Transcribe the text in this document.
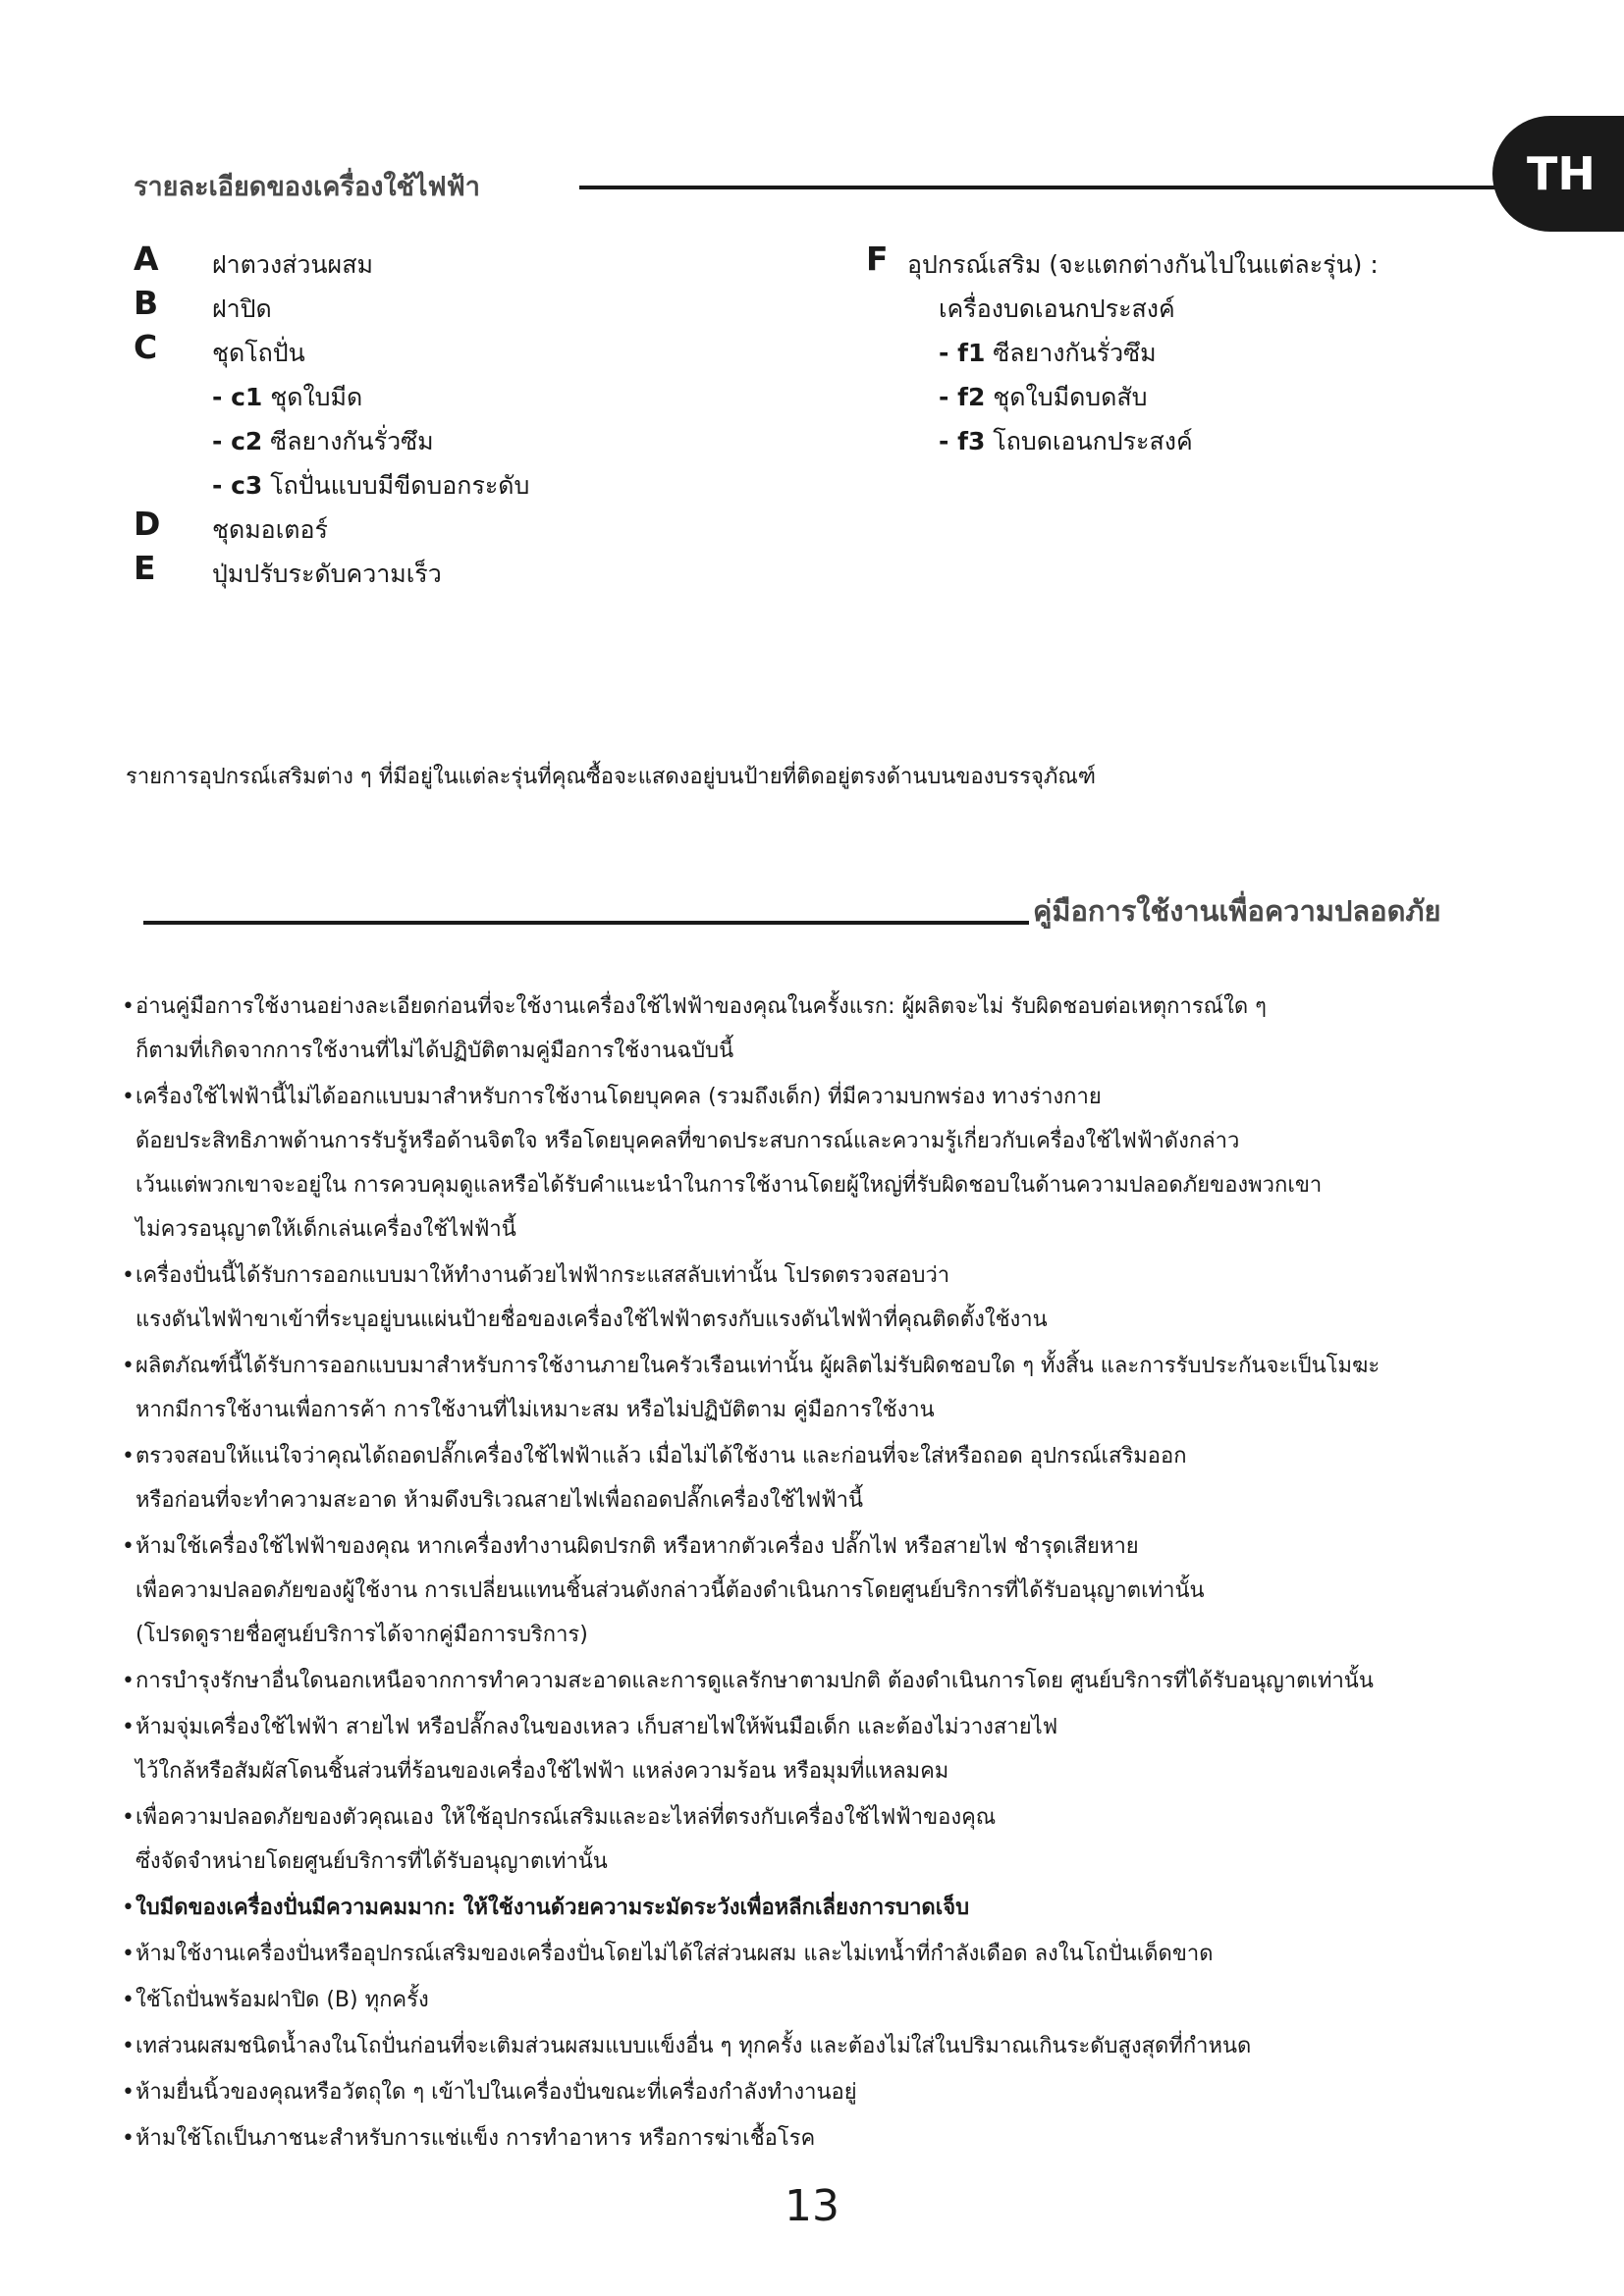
รายละเอียดของเครื่องใช้ไฟฟ้า	TH
A ฝาตวงส่วนผสม
B ฝาปิด
C ชุดโถปั่น
- c1 ชุดใบมีด
- c2 ซีลยางกันรั่วซึม
- c3 โถปั่นแบบมีขีดบอกระดับ
D ชุดมอเตอร์
E ปุ่มปรับระดับความเร็ว
F อุปกรณ์เสริม (จะแตกต่างกันไปในแต่ละรุ่น) :
เครื่องบดเอนกประสงค์
- f1 ซีลยางกันรั่วซึม
- f2 ชุดใบมีดบดสับ
- f3 โถบดเอนกประสงค์
รายการอุปกรณ์เสริมต่าง ๆ ที่มีอยู่ในแต่ละรุ่นที่คุณซื้อจะแสดงอยู่บนป้ายที่ติดอยู่ตรงด้านบนของบรรจุภัณฑ์
คู่มือการใช้งานเพื่อความปลอดภัย
• อ่านคู่มือการใช้งานอย่างละเอียดก่อนที่จะใช้งานเครื่องใช้ไฟฟ้าของคุณในครั้งแรก: ผู้ผลิตจะไม่ รับผิดชอบต่อเหตุการณ์ใด ๆ
ก็ตามที่เกิดจากการใช้งานที่ไม่ได้ปฏิบัติตามคู่มือการใช้งานฉบับนี้
• เครื่องใช้ไฟฟ้านี้ไม่ได้ออกแบบมาสำหรับการใช้งานโดยบุคคล (รวมถึงเด็ก) ที่มีความบกพร่อง ทางร่างกาย
ด้อยประสิทธิภาพด้านการรับรู้หรือด้านจิตใจ หรือโดยบุคคลที่ขาดประสบการณ์และความรู้เกี่ยวกับเครื่องใช้ไฟฟ้าดังกล่าว
เว้นแต่พวกเขาจะอยู่ใน การควบคุมดูแลหรือได้รับคำแนะนำในการใช้งานโดยผู้ใหญ่ที่รับผิดชอบในด้านความปลอดภัยของพวกเขา
ไม่ควรอนุญาตให้เด็กเล่นเครื่องใช้ไฟฟ้านี้
• เครื่องปั่นนี้ได้รับการออกแบบมาให้ทำงานด้วยไฟฟ้ากระแสสลับเท่านั้น โปรดตรวจสอบว่า
แรงดันไฟฟ้าขาเข้าที่ระบุอยู่บนแผ่นป้ายชื่อของเครื่องใช้ไฟฟ้าตรงกับแรงดันไฟฟ้าที่คุณติดตั้งใช้งาน
• ผลิตภัณฑ์นี้ได้รับการออกแบบมาสำหรับการใช้งานภายในครัวเรือนเท่านั้น ผู้ผลิตไม่รับผิดชอบใด ๆ ทั้งสิ้น และการรับประกันจะเป็นโมฆะ
หากมีการใช้งานเพื่อการค้า การใช้งานที่ไม่เหมาะสม หรือไม่ปฏิบัติตาม คู่มือการใช้งาน
• ตรวจสอบให้แน่ใจว่าคุณได้ถอดปลั๊กเครื่องใช้ไฟฟ้าแล้ว เมื่อไม่ได้ใช้งาน และก่อนที่จะใส่หรือถอด อุปกรณ์เสริมออก
หรือก่อนที่จะทำความสะอาด ห้ามดึงบริเวณสายไฟเพื่อถอดปลั๊กเครื่องใช้ไฟฟ้านี้
• ห้ามใช้เครื่องใช้ไฟฟ้าของคุณ หากเครื่องทำงานผิดปรกติ หรือหากตัวเครื่อง ปลั๊กไฟ หรือสายไฟ ชำรุดเสียหาย
เพื่อความปลอดภัยของผู้ใช้งาน การเปลี่ยนแทนชิ้นส่วนดังกล่าวนี้ต้องดำเนินการโดยศูนย์บริการที่ได้รับอนุญาตเท่านั้น
(โปรดดูรายชื่อศูนย์บริการได้จากคู่มือการบริการ)
• การบำรุงรักษาอื่นใดนอกเหนือจากการทำความสะอาดและการดูแลรักษาตามปกติ ต้องดำเนินการโดย ศูนย์บริการที่ได้รับอนุญาตเท่านั้น
• ห้ามจุ่มเครื่องใช้ไฟฟ้า สายไฟ หรือปลั๊กลงในของเหลว เก็บสายไฟให้พ้นมือเด็ก และต้องไม่วางสายไฟ
ไว้ใกล้หรือสัมผัสโดนชิ้นส่วนที่ร้อนของเครื่องใช้ไฟฟ้า แหล่งความร้อน หรือมุมที่แหลมคม
• เพื่อความปลอดภัยของตัวคุณเอง ให้ใช้อุปกรณ์เสริมและอะไหล่ที่ตรงกับเครื่องใช้ไฟฟ้าของคุณ
ซึ่งจัดจำหน่ายโดยศูนย์บริการที่ได้รับอนุญาตเท่านั้น
• ใบมีดของเครื่องปั่นมีความคมมาก: ให้ใช้งานด้วยความระมัดระวังเพื่อหลีกเลี่ยงการบาดเจ็บ
• ห้ามใช้งานเครื่องปั่นหรืออุปกรณ์เสริมของเครื่องปั่นโดยไม่ได้ใส่ส่วนผสม และไม่เทน้ำที่กำลังเดือด ลงในโถปั่นเด็ดขาด
• ใช้โถปั่นพร้อมฝาปิด (B) ทุกครั้ง
• เทส่วนผสมชนิดน้ำลงในโถปั่นก่อนที่จะเติมส่วนผสมแบบแข็งอื่น ๆ ทุกครั้ง และต้องไม่ใส่ในปริมาณเกินระดับสูงสุดที่กำหนด
• ห้ามยื่นนิ้วของคุณหรือวัตถุใด ๆ เข้าไปในเครื่องปั่นขณะที่เครื่องกำลังทำงานอยู่
• ห้ามใช้โถเป็นภาชนะสำหรับการแช่แข็ง การทำอาหาร หรือการฆ่าเชื้อโรค
13
